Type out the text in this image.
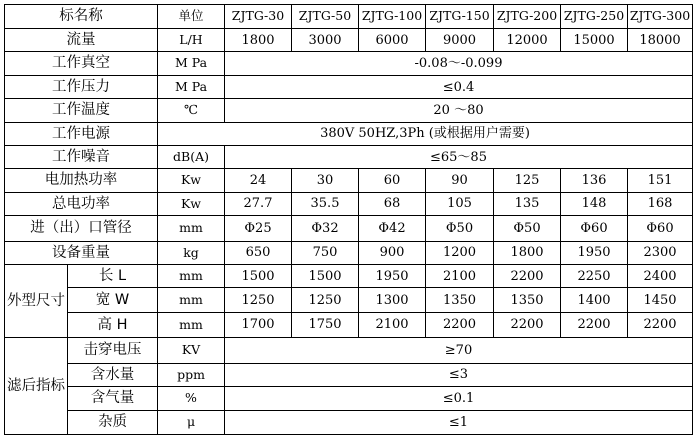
标名称		单位	ZJTG-30	ZJTG-50	ZJTG-100	ZJTG-150	ZJTG-200	ZJTG-250	ZJTG-300
流量		L/H	1800	3000	6000	9000	12000	15000	18000
工作真空		M Pa	-0.08～-0.099						
工作压力		M Pa	≤0.4						
工作温度		℃	20 ～80						
工作电源		380V 50HZ,3Ph (或根据用户需要)							
工作噪音		dB(A)	≤65～85						
电加热功率		Kw	24	30	60	90	125	136	151
总电功率		Kw	27.7	35.5	68	105	135	148	168
进（出）口管径		mm	Φ25	Φ32	Φ42	Φ50	Φ50	Φ60	Φ60
设备重量		kg	650	750	900	1200	1800	1950	2300
外型尺寸	长 L	mm	1500	1500	1950	2100	2200	2250	2400
	宽 W	mm	1250	1250	1300	1350	1350	1400	1450
	高 H	mm	1700	1750	2100	2200	2200	2200	2200
滤后指标	击穿电压	KV	≥70						
	含水量	ppm	≤3						
	含气量	%	≤0.1						
	杂质	μ	≤1						
